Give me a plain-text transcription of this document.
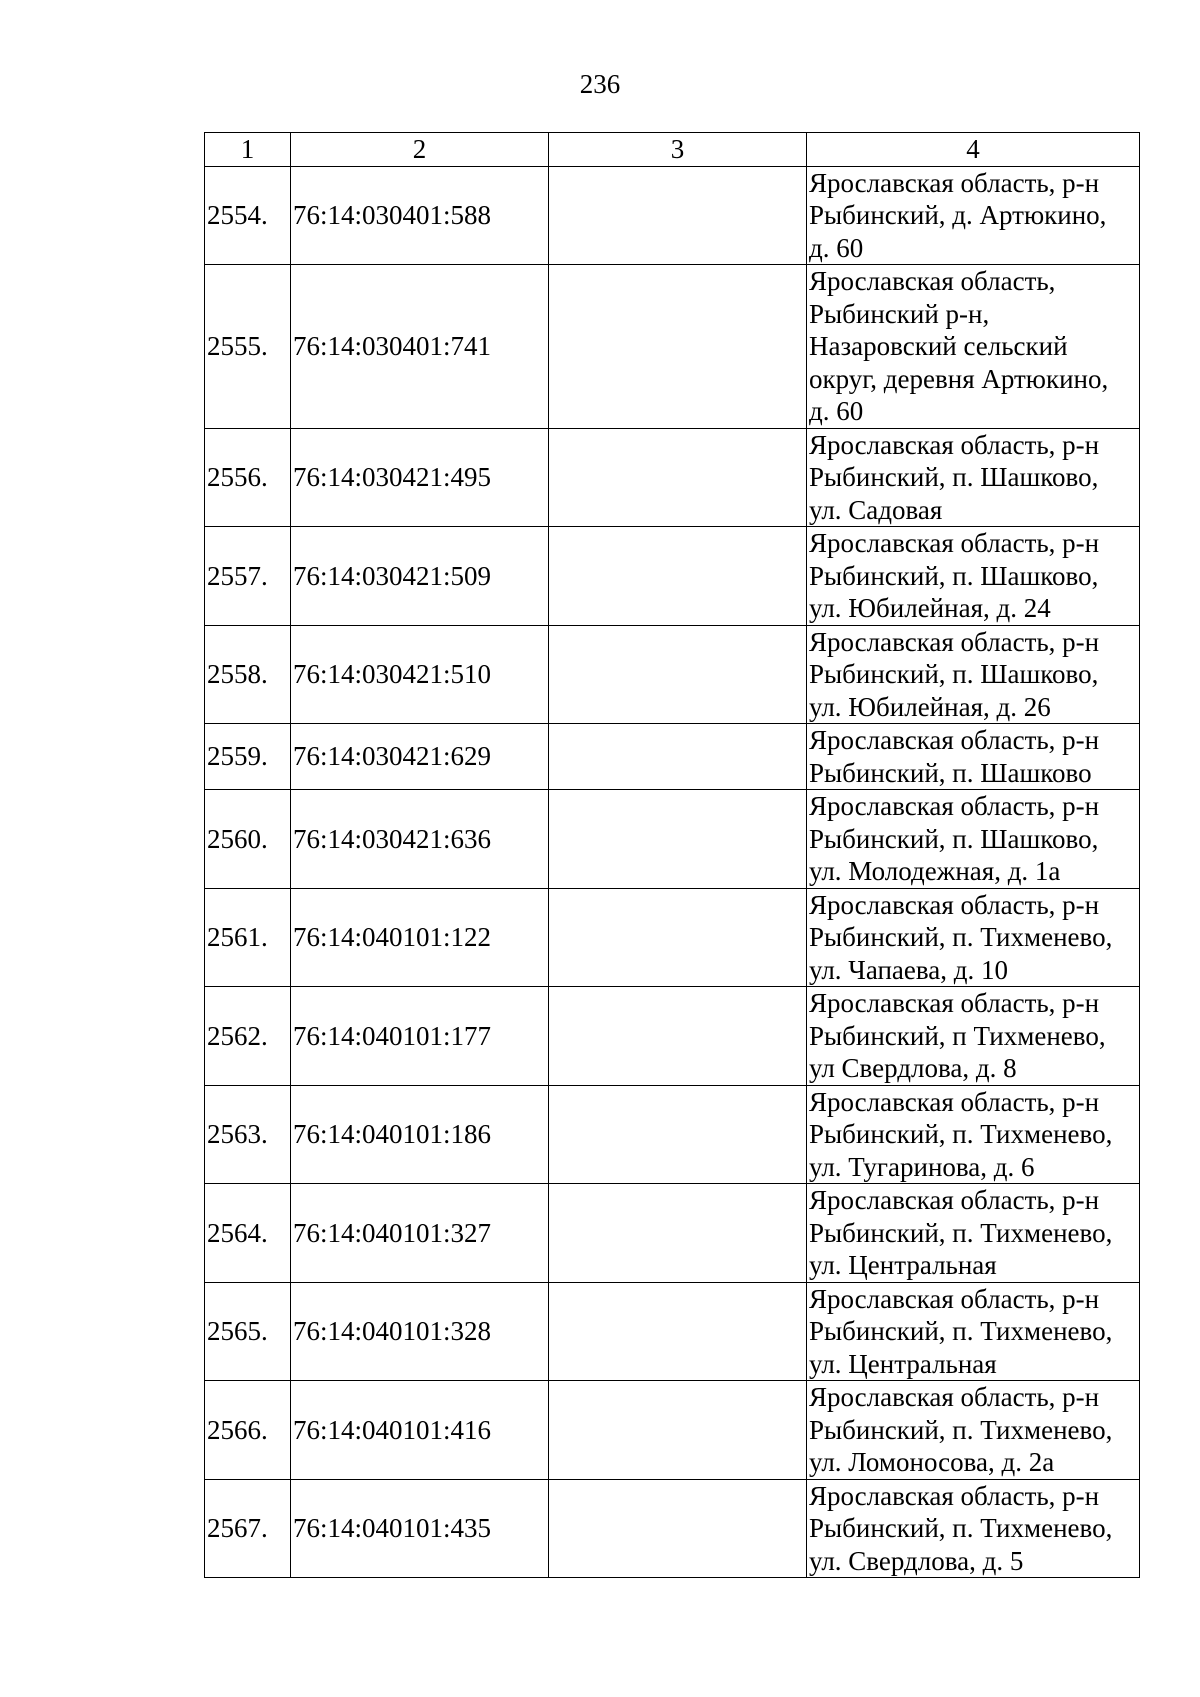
236
1	2	3	4
2554.	76:14:030401:588		Ярославская область, р-н
Рыбинский, д. Артюкино,
д. 60
2555.	76:14:030401:741		Ярославская область,
Рыбинский р-н,
Назаровский сельский
округ, деревня Артюкино,
д. 60
2556.	76:14:030421:495		Ярославская область, р-н
Рыбинский, п. Шашково,
ул. Садовая
2557.	76:14:030421:509		Ярославская область, р-н
Рыбинский, п. Шашково,
ул. Юбилейная, д. 24
2558.	76:14:030421:510		Ярославская область, р-н
Рыбинский, п. Шашково,
ул. Юбилейная, д. 26
2559.	76:14:030421:629		Ярославская область, р-н
Рыбинский, п. Шашково
2560.	76:14:030421:636		Ярославская область, р-н
Рыбинский, п. Шашково,
ул. Молодежная, д. 1а
2561.	76:14:040101:122		Ярославская область, р-н
Рыбинский, п. Тихменево,
ул. Чапаева, д. 10
2562.	76:14:040101:177		Ярославская область, р-н
Рыбинский, п Тихменево,
ул Свердлова, д. 8
2563.	76:14:040101:186		Ярославская область, р-н
Рыбинский, п. Тихменево,
ул. Тугаринова, д. 6
2564.	76:14:040101:327		Ярославская область, р-н
Рыбинский, п. Тихменево,
ул. Центральная
2565.	76:14:040101:328		Ярославская область, р-н
Рыбинский, п. Тихменево,
ул. Центральная
2566.	76:14:040101:416		Ярославская область, р-н
Рыбинский, п. Тихменево,
ул. Ломоносова, д. 2а
2567.	76:14:040101:435		Ярославская область, р-н
Рыбинский, п. Тихменево,
ул. Свердлова, д. 5
